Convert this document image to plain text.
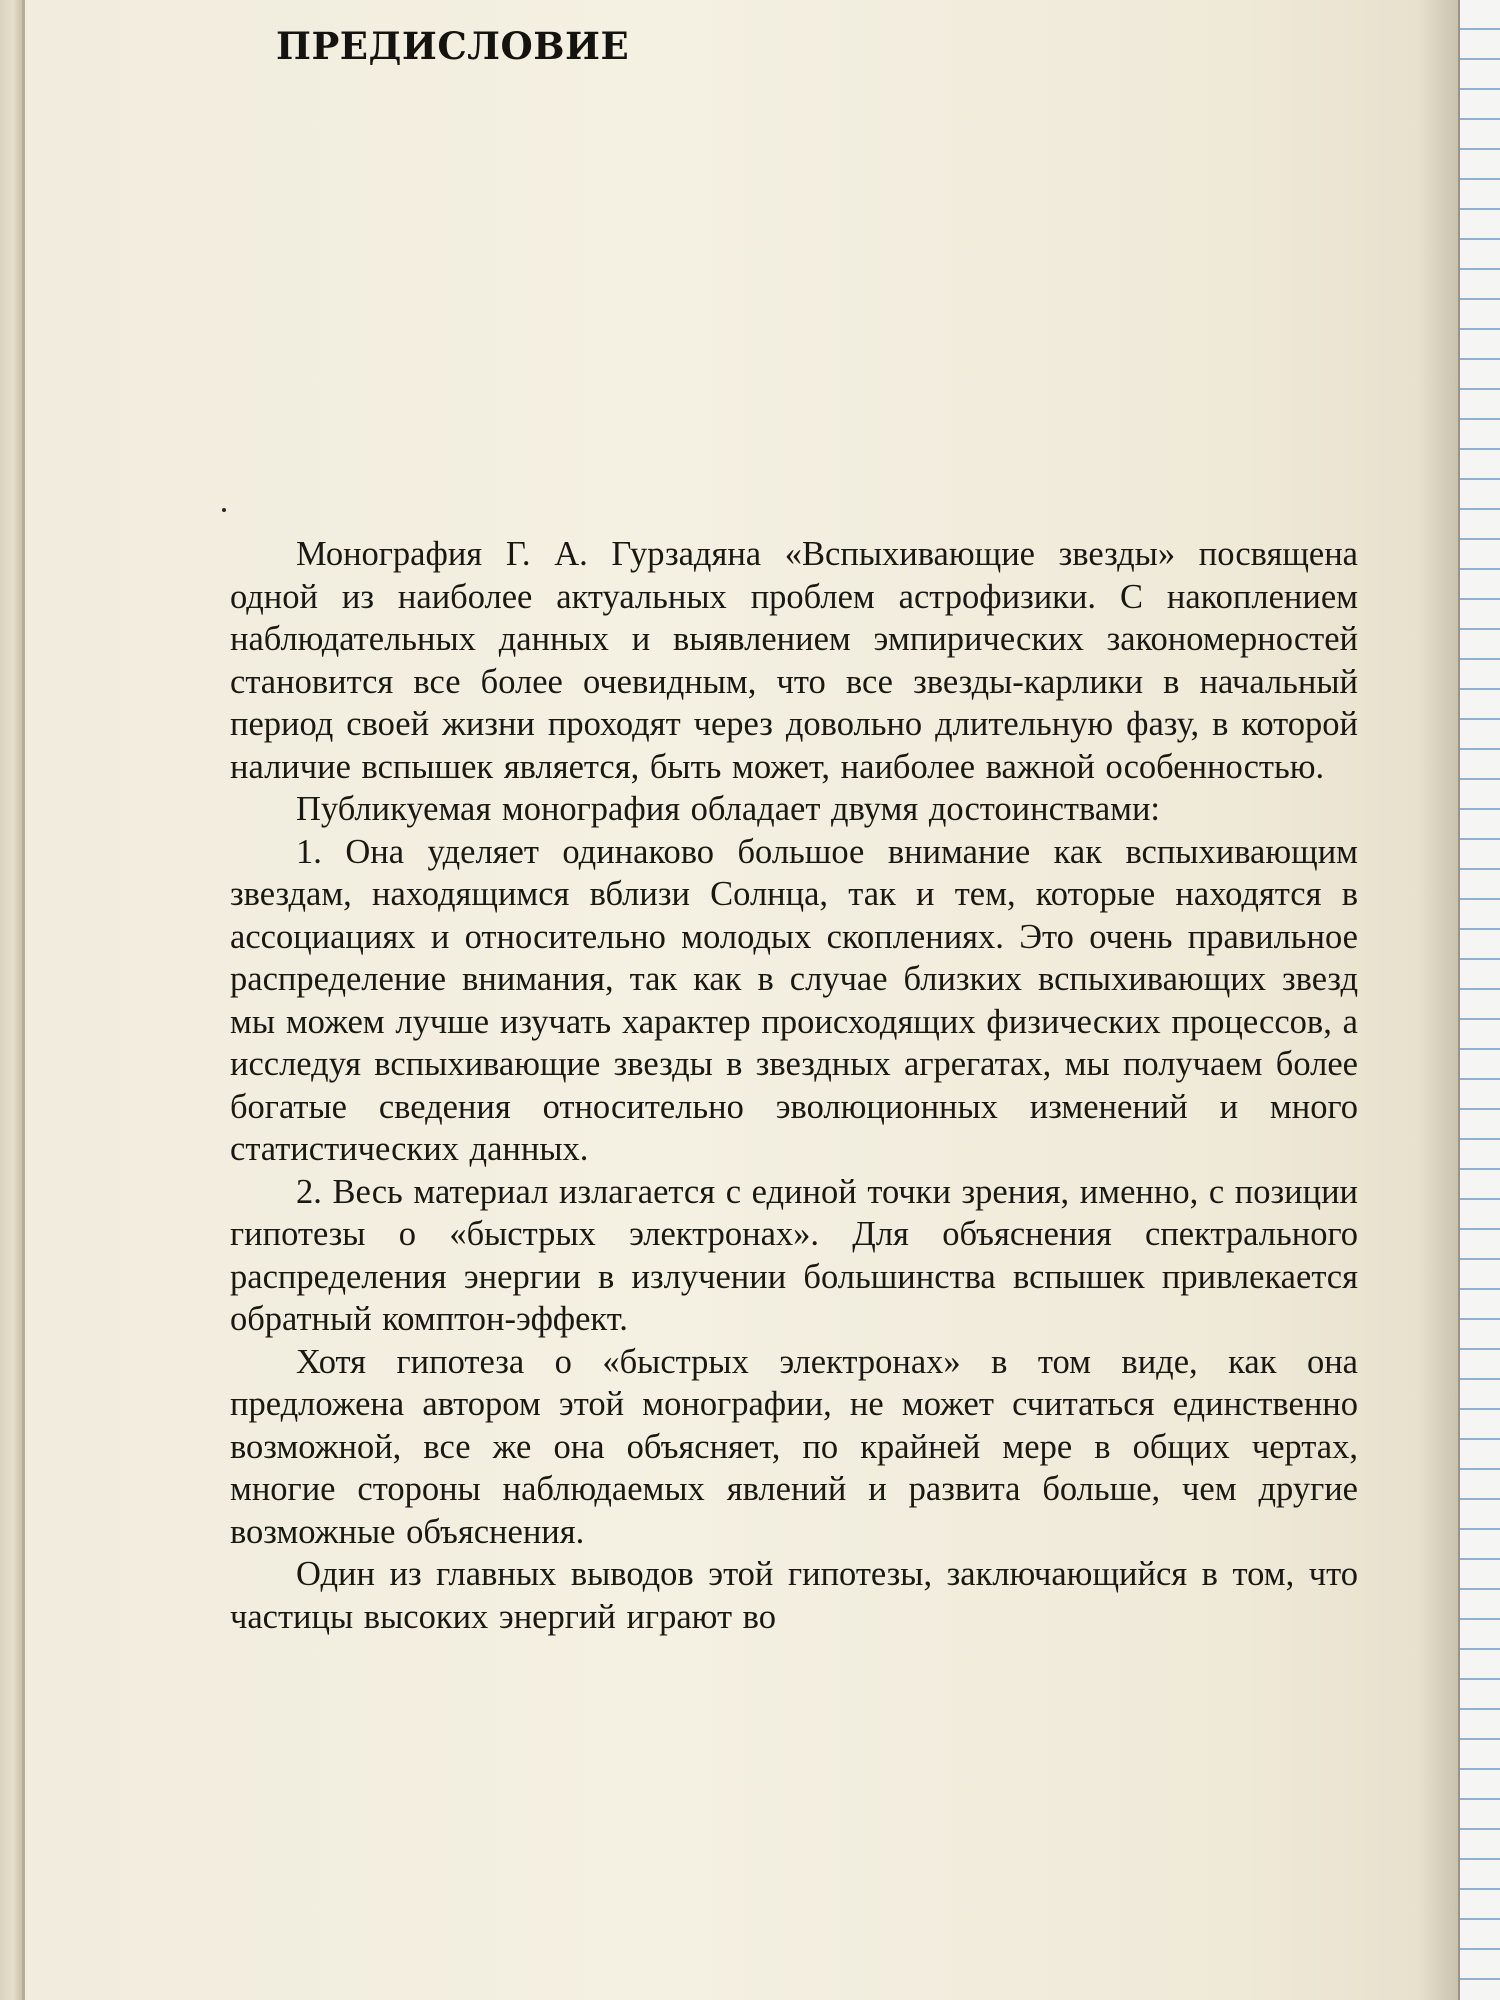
ПРЕДИСЛОВИЕ

Монография Г. А. Гурзадяна «Вспыхивающие звезды» посвящена одной из наиболее актуальных проблем астрофизики. С накоплением наблюдательных данных и выявлением эмпирических закономерностей становится все более очевидным, что все звезды-карлики в начальный период своей жизни проходят через довольно длительную фазу, в которой наличие вспышек является, быть может, наиболее важной особенностью.

Публикуемая монография обладает двумя достоинствами:

1. Она уделяет одинаково большое внимание как вспыхивающим звездам, находящимся вблизи Солнца, так и тем, которые находятся в ассоциациях и относительно молодых скоплениях. Это очень правильное распределение внимания, так как в случае близких вспыхивающих звезд мы можем лучше изучать характер происходящих физических процессов, а исследуя вспыхивающие звезды в звездных агрегатах, мы получаем более богатые сведения относительно эволюционных изменений и много статистических данных.

2. Весь материал излагается с единой точки зрения, именно, с позиции гипотезы о «быстрых электронах». Для объяснения спектрального распределения энергии в излучении большинства вспышек привлекается обратный комптон-эффект.

Хотя гипотеза о «быстрых электронах» в том виде, как она предложена автором этой монографии, не может считаться единственно возможной, все же она объясняет, по крайней мере в общих чертах, многие стороны наблюдаемых явлений и развита больше, чем другие возможные объяснения.

Один из главных выводов этой гипотезы, заключающийся в том, что частицы высоких энергий играют во
